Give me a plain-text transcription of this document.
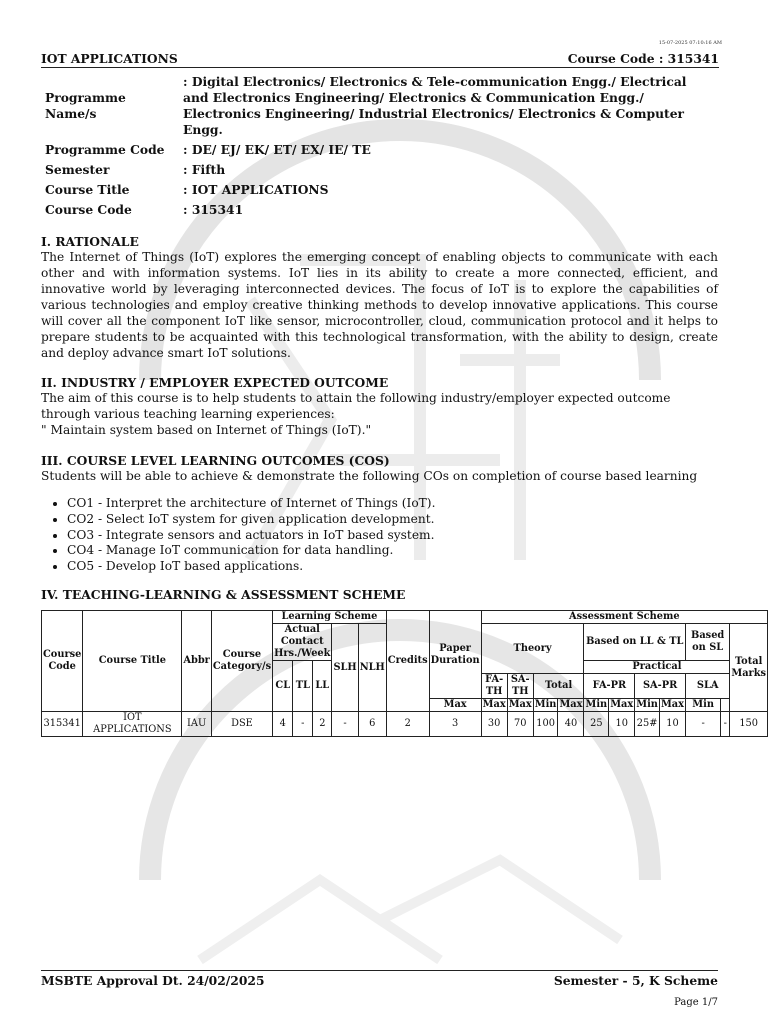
15-07-2025 07:10:16 AM
IOT APPLICATIONS	Course Code : 315341
Programme Name/s	: Digital Electronics/ Electronics & Tele-communication Engg./ Electrical and Electronics Engineering/ Electronics & Communication Engg./ Electronics Engineering/ Industrial Electronics/ Electronics & Computer Engg.
Programme Code	: DE/ EJ/ EK/ ET/ EX/ IE/ TE
Semester	: Fifth
Course Title	: IOT APPLICATIONS
Course Code	: 315341
I. RATIONALE
The Internet of Things (IoT) explores the emerging concept of enabling objects to communicate with each other and with information systems. IoT lies in its ability to create a more connected, efficient, and innovative world by leveraging interconnected devices. The focus of IoT is to explore the capabilities of various technologies and employ creative thinking methods to develop innovative applications. This course will cover all the component IoT like sensor, microcontroller, cloud, communication protocol and it helps to prepare students to be acquainted with this technological transformation, with the ability to design, create and deploy advance smart IoT solutions.
II. INDUSTRY / EMPLOYER EXPECTED OUTCOME
The aim of this course is to help students to attain the following industry/employer expected outcome through various teaching learning experiences:
" Maintain system based on Internet of Things (IoT)."
III. COURSE LEVEL LEARNING OUTCOMES (COS)
Students will be able to achieve & demonstrate the following COs on completion of course based learning
• CO1 - Interpret the architecture of Internet of Things (IoT).
• CO2 - Select IoT system for given application development.
• CO3 - Integrate sensors and actuators in IoT based system.
• CO4 - Manage IoT communication for data handling.
• CO5 - Develop IoT based applications.
IV. TEACHING-LEARNING & ASSESSMENT SCHEME
Course Code	Course Title	Abbr	Course Category/s	Learning Scheme					Credits	Paper Duration	Assessment Scheme										
				Actual Contact Hrs./Week			SLH	NLH			Theory				Based on LL & TL				Based on SL		Total Marks
				CL	TL	LL									Practical						
											FA-TH	SA-TH	Total		FA-PR		SA-PR		SLA		
										Max	Max	Max	Min	Max	Min	Max	Min	Max	Min		
315341	IOT APPLICATIONS	IAU	DSE	4	-	2	-	6	2	3	30	70	100	40	25	10	25#	10	-	-	150
MSBTE Approval Dt. 24/02/2025	Semester - 5, K Scheme
Page 1/7
